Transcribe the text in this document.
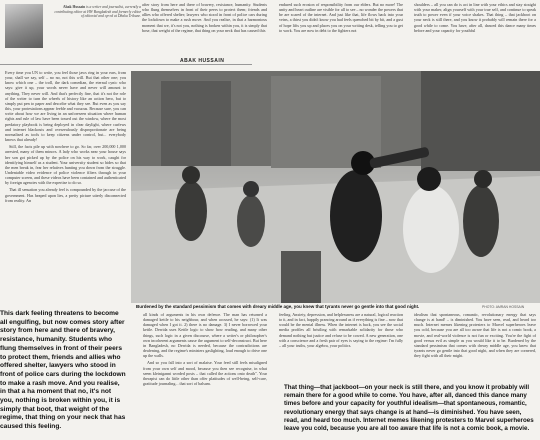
Abak Hussain is a writer and journalist, currently a contributing editor at HW Bangladesh and formerly editor of editorial and op-ed at Dhaka Tribune.
ABAK HUSSAIN

Every time you UN to write, you feel those jaws ring in your ears, from your, shall we say, self – no no, not this will. But that other one; you know which one – the troll, the dark comedian, the eternal cynic who says: give it up, your words never have and never will amount to anything. They never will. And that's perfectly fine, that it's not the role of the writer to turn the wheels of history like an action hero, but to simply put pen to paper and describe what they see. But even as you say this, your protestations appear feeble and vacuous. Because sure, you can write about how we are living in an unforeseen situation where human rights and rule of law have been tossed out the window, where the most predatory playbook is being deployed in clear daylight, where curfews and internet blackouts and overzealously disproportionate are being normalised as tools to keep citizens under control, but... everybody knows that already!

Still, the facts pile up with nowhere to go. So far, over 200,000 1,000 arrested, many of them minors. A lady who works near your house says her son got picked up by the police on his way to work, caught for identifying himself as a student. Your university student so hides so that the men break in, fear her relatives hunting you down from the struggle. Undeniable video evidence of police violence filters through in your computer screen, and these videos have been contained and authenticated by foreign agencies with the expertise to do so.

That ill sensation you already feel is compounded by the jaccuse of the government. Has heaped upon lies, a pretty picture utterly disconnected from reality. An

after story from here and there of bravery, resistance, humanity. Students who flung themselves in front of their peers to protect them; friends and allies who offered shelter; lawyers who stood in front of police cars during the lockdown to make a rush move. And you realise, in that a harmonious moment that we, it's not you, nothing is broken within you, it is simply that bose, that weight of the regime, that thing on your neck that has caused this

endured such erosion of responsibility from our elders. But no more! The unity and heart outline are visible for all to see – no wonder the powers that be are scared of the internet. And just like that, life flows back into your veins, a thirst you didn't know you had feels quenched bit by bit, and a gust of hope lifts you up and places you on your writing desk, telling you to get to work. You are now in debt to the fighters not

shoulders – all you can do is act in line with your ethics and stay straight with your maker, align yourself with your true self, and continue to speak truth to power even if your voice shakes. That thing – that jackboot on your neck is still there, and you know it probably will remain there for a good while to come. You have, after all, danced this dance many times before and your capacity for youthful

Burdened by the standard pessimism that comes with dreary middle age, you knew that tyrants never go gentle into that good night.	PHOTO: AMRAN HOSSAIN

This dark feeling threatens to become all engulfing, but now comes story after story from here and there of bravery, resistance, humanity. Students who flung themselves in front of their peers to protect them, friends and allies who offered shelter, lawyers who stood in front of police cars during the lockdown to make a rash move. And you realise, in that a ha moment that no, it's not you, nothing is broken within you, it is simply that boot, that weight of the regime, that thing on your neck that has caused this feeling.

all kinds of arguments in his own defence. The man has returned a damaged kettle to his neighbour, and when accused, he says: (1) It was damaged when I got it. 2) there is no damage. 3) I never borrowed your kettle. Derrida uses Kettle logic to show how reading, and many other things, such logic in a given discourse, where a writer's or philosopher's own incoherent arguments cause the argument to self-deconstruct. But here in Bangladesh, no Derrida is needed, because the contradictions are deafening, and the regime's ministers gaslighting, loud enough to drive one up the walls.

And so you fall into a sort of malaise. Your feed still feels misaligned from your own self and mood, because you then see recognise, in what seem kleiniganni worded posts – that called the actions onto death". Your therapist can do little other than offer platitudes of well-being, self-care, gratitude journaling... that sort of balsam.

feeling. Anxiety, depression, and helplessness are a natural, logical reaction to it, and in fact, happily prancing around as if everything is fine – now that would be the mental illness. When the internet is back, you see the social media profiles all bristling with remarkable solidarity for those who demand nothing but justice and refuse to be cowed. A new generation, one with a conscience and a fresh pair of eyes is saying to the regime: I'm fully – all your truths, your algebra, your politics.

idealism that spontaneous, romantic, revolutionary energy that says change is at hand! – is diminished. You have seen, read, and heard too much. Internet memes likening protesters to Marvel superheroes leave you cold, because you are all too aware that life is not a comic book, a movie, and real-world violence is not fun or exciting. You're the fight of good versus evil as simple as you would like it to be. Burdened by the standard pessimism that comes with dreary middle age, you knew that tyrants never go gentle into that good night, and when they are cornered, they fight with all their might.

That thing—that jackboot—on your neck is still there, and you know it probably will remain there for a good while to come. You have, after all, danced this dance many times before and your capacity for youthful idealism—that spontaneous, romantic, revolutionary energy that says change is at hand—is diminished. You have seen, read, and heard too much. Internet memes likening protesters to Marvel superheroes leave you cold, because you are all too aware that life is not a comic book, a movie.
